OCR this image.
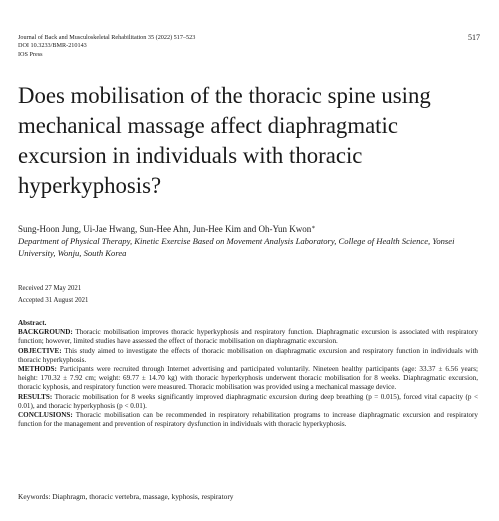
Journal of Back and Musculoskeletal Rehabilitation 35 (2022) 517–523
DOI 10.3233/BMR-210143
IOS Press
517
Does mobilisation of the thoracic spine using mechanical massage affect diaphragmatic excursion in individuals with thoracic hyperkyphosis?
Sung-Hoon Jung, Ui-Jae Hwang, Sun-Hee Ahn, Jun-Hee Kim and Oh-Yun Kwon∗
Department of Physical Therapy, Kinetic Exercise Based on Movement Analysis Laboratory, College of Health Science, Yonsei University, Wonju, South Korea
Received 27 May 2021
Accepted 31 August 2021
Abstract.

BACKGROUND: Thoracic mobilisation improves thoracic hyperkyphosis and respiratory function. Diaphragmatic excursion is associated with respiratory function; however, limited studies have assessed the effect of thoracic mobilisation on diaphragmatic excursion.

OBJECTIVE: This study aimed to investigate the effects of thoracic mobilisation on diaphragmatic excursion and respiratory function in individuals with thoracic hyperkyphosis.

METHODS: Participants were recruited through Internet advertising and participated voluntarily. Nineteen healthy participants (age: 33.37 ± 6.56 years; height: 170.32 ± 7.92 cm; weight: 69.77 ± 14.70 kg) with thoracic hyperkyphosis underwent thoracic mobilisation for 8 weeks. Diaphragmatic excursion, thoracic kyphosis, and respiratory function were measured. Thoracic mobilisation was provided using a mechanical massage device.

RESULTS: Thoracic mobilisation for 8 weeks significantly improved diaphragmatic excursion during deep breathing (p = 0.015), forced vital capacity (p < 0.01), and thoracic hyperkyphosis (p < 0.01).

CONCLUSIONS: Thoracic mobilisation can be recommended in respiratory rehabilitation programs to increase diaphragmatic excursion and respiratory function for the management and prevention of respiratory dysfunction in individuals with thoracic hyperkyphosis.

Keywords: Diaphragm, thoracic vertebra, massage, kyphosis, respiratory
